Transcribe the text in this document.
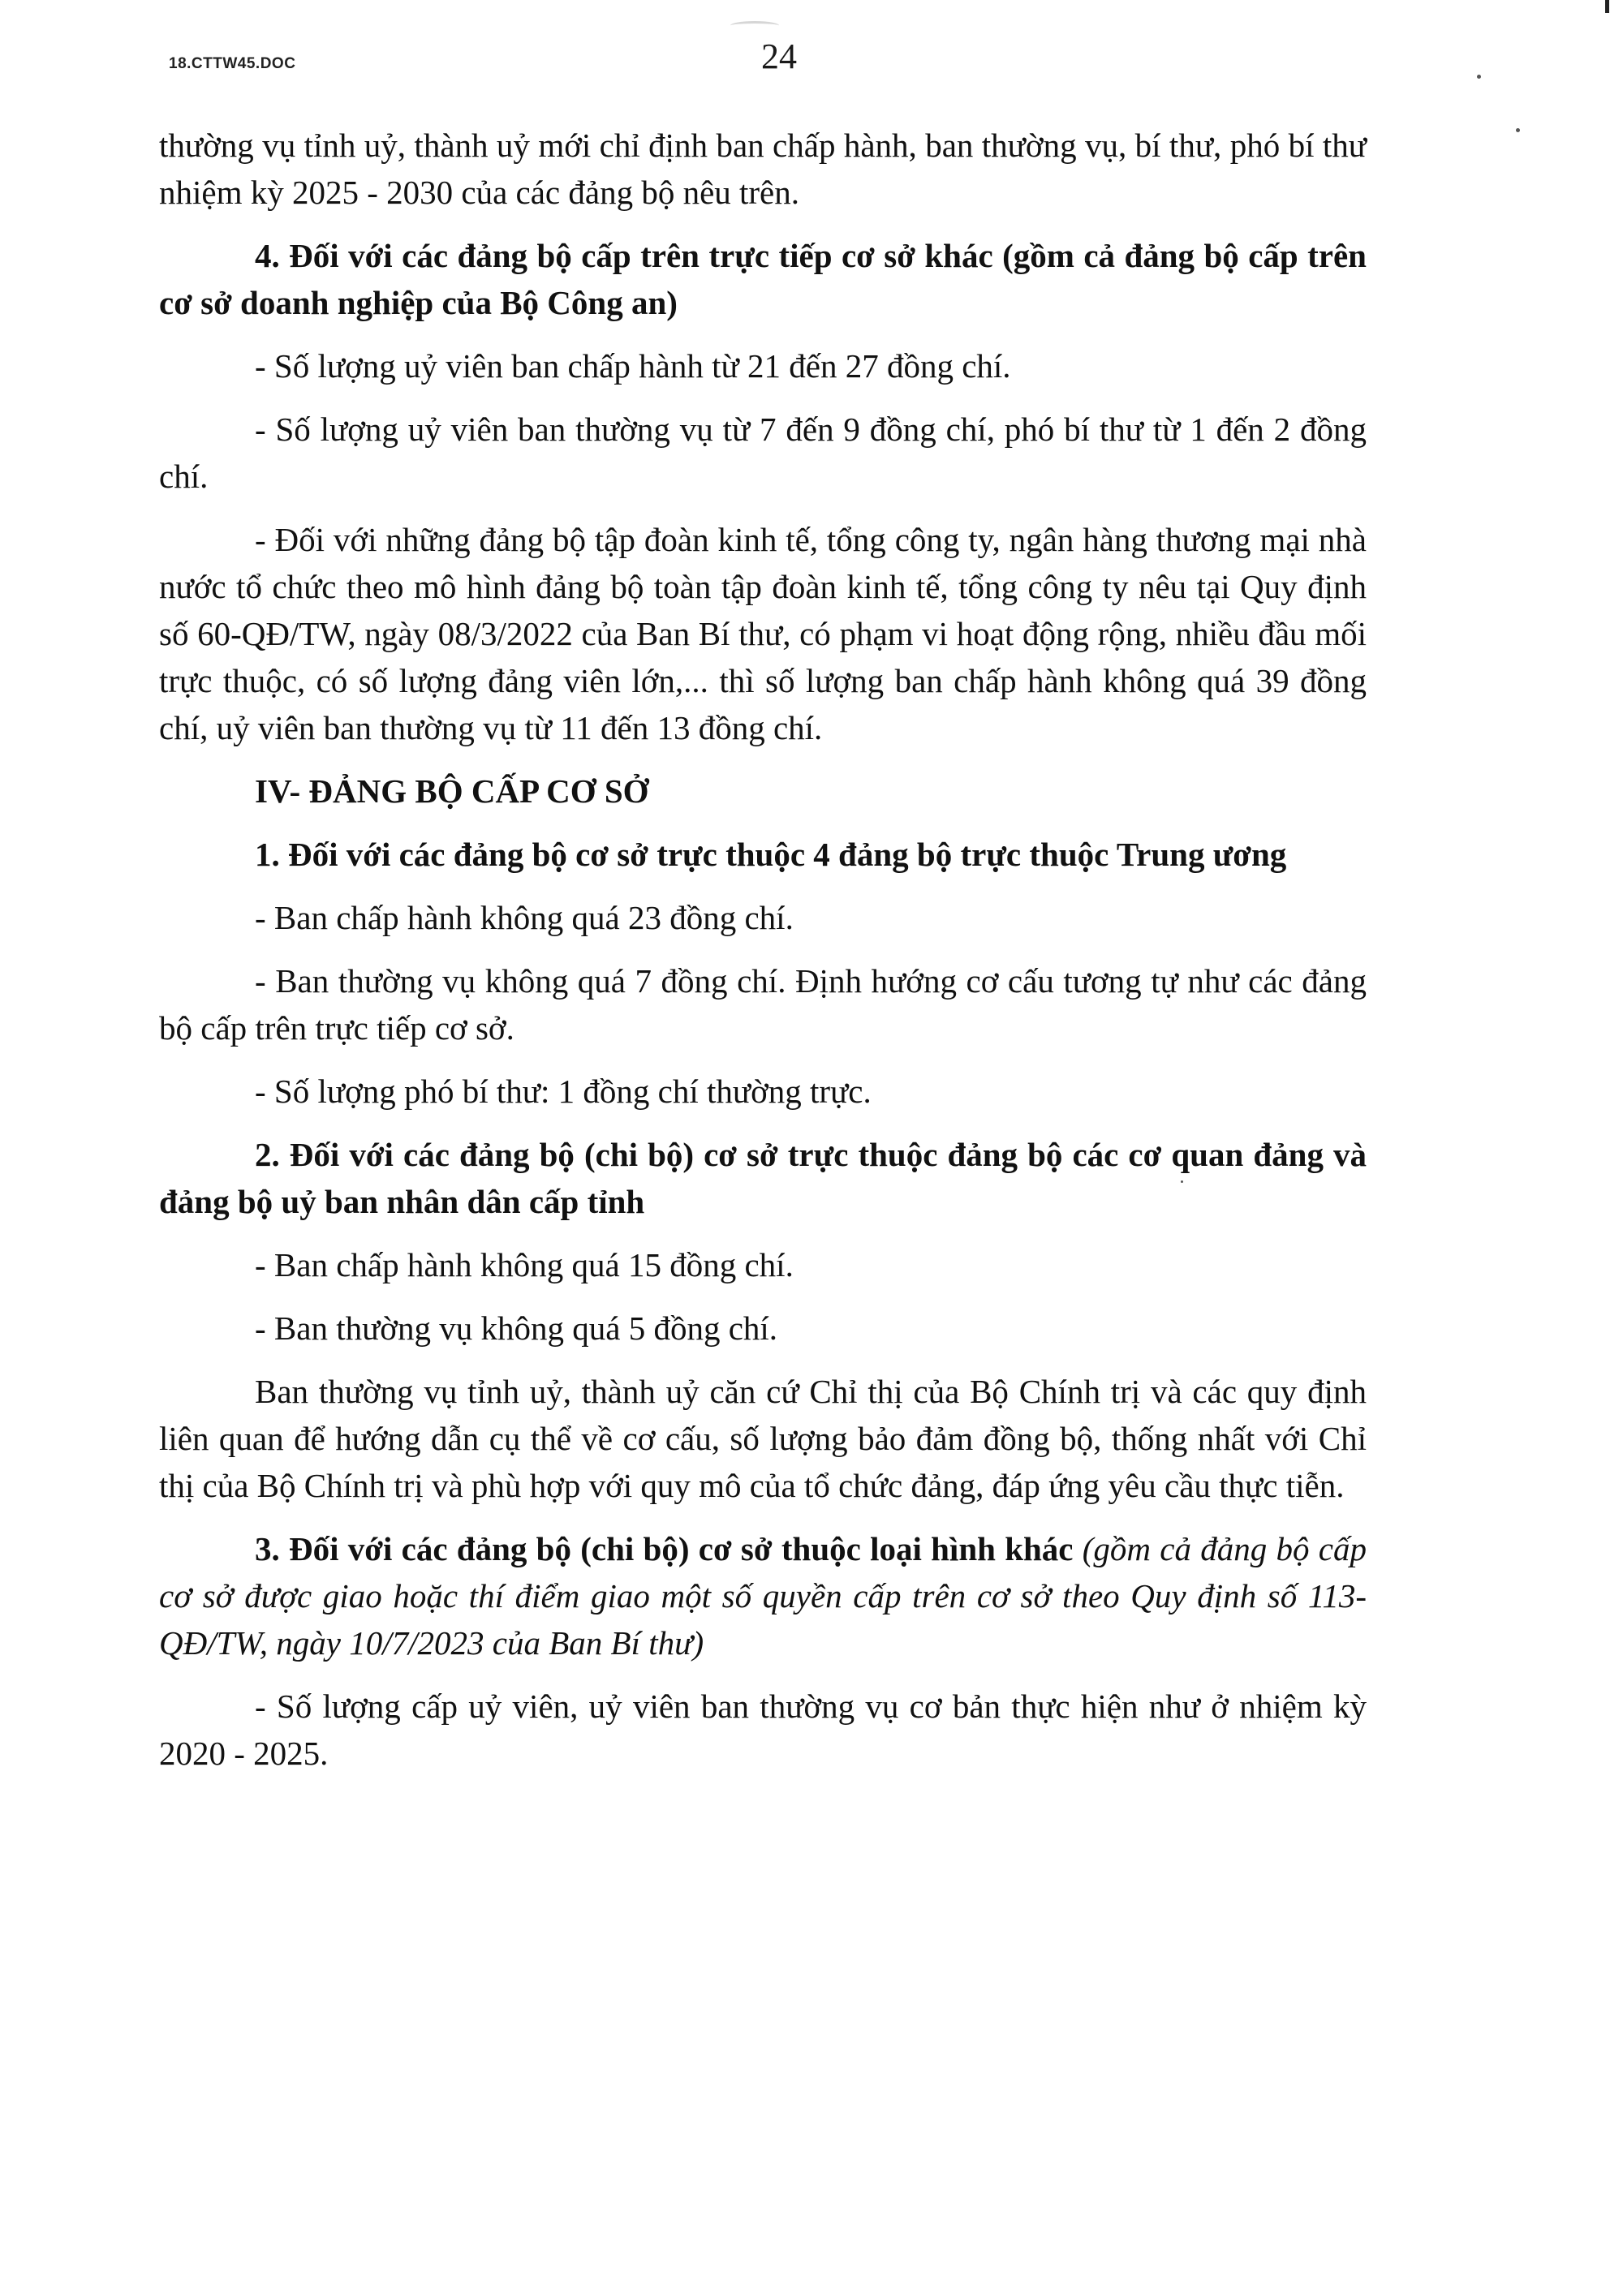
18.CTTW45.DOC	24

thường vụ tỉnh uỷ, thành uỷ mới chỉ định ban chấp hành, ban thường vụ, bí thư, phó bí thư nhiệm kỳ 2025 - 2030 của các đảng bộ nêu trên.

4. Đối với các đảng bộ cấp trên trực tiếp cơ sở khác (gồm cả đảng bộ cấp trên cơ sở doanh nghiệp của Bộ Công an)

- Số lượng uỷ viên ban chấp hành từ 21 đến 27 đồng chí.

- Số lượng uỷ viên ban thường vụ từ 7 đến 9 đồng chí, phó bí thư từ 1 đến 2 đồng chí.

- Đối với những đảng bộ tập đoàn kinh tế, tổng công ty, ngân hàng thương mại nhà nước tổ chức theo mô hình đảng bộ toàn tập đoàn kinh tế, tổng công ty nêu tại Quy định số 60-QĐ/TW, ngày 08/3/2022 của Ban Bí thư, có phạm vi hoạt động rộng, nhiều đầu mối trực thuộc, có số lượng đảng viên lớn,... thì số lượng ban chấp hành không quá 39 đồng chí, uỷ viên ban thường vụ từ 11 đến 13 đồng chí.

IV- ĐẢNG BỘ CẤP CƠ SỞ

1. Đối với các đảng bộ cơ sở trực thuộc 4 đảng bộ trực thuộc Trung ương

- Ban chấp hành không quá 23 đồng chí.

- Ban thường vụ không quá 7 đồng chí. Định hướng cơ cấu tương tự như các đảng bộ cấp trên trực tiếp cơ sở.

- Số lượng phó bí thư: 1 đồng chí thường trực.

2. Đối với các đảng bộ (chi bộ) cơ sở trực thuộc đảng bộ các cơ quan đảng và đảng bộ uỷ ban nhân dân cấp tỉnh

- Ban chấp hành không quá 15 đồng chí.

- Ban thường vụ không quá 5 đồng chí.

Ban thường vụ tỉnh uỷ, thành uỷ căn cứ Chỉ thị của Bộ Chính trị và các quy định liên quan để hướng dẫn cụ thể về cơ cấu, số lượng bảo đảm đồng bộ, thống nhất với Chỉ thị của Bộ Chính trị và phù hợp với quy mô của tổ chức đảng, đáp ứng yêu cầu thực tiễn.

3. Đối với các đảng bộ (chi bộ) cơ sở thuộc loại hình khác (gồm cả đảng bộ cấp cơ sở được giao hoặc thí điểm giao một số quyền cấp trên cơ sở theo Quy định số 113-QĐ/TW, ngày 10/7/2023 của Ban Bí thư)

- Số lượng cấp uỷ viên, uỷ viên ban thường vụ cơ bản thực hiện như ở nhiệm kỳ 2020 - 2025.
